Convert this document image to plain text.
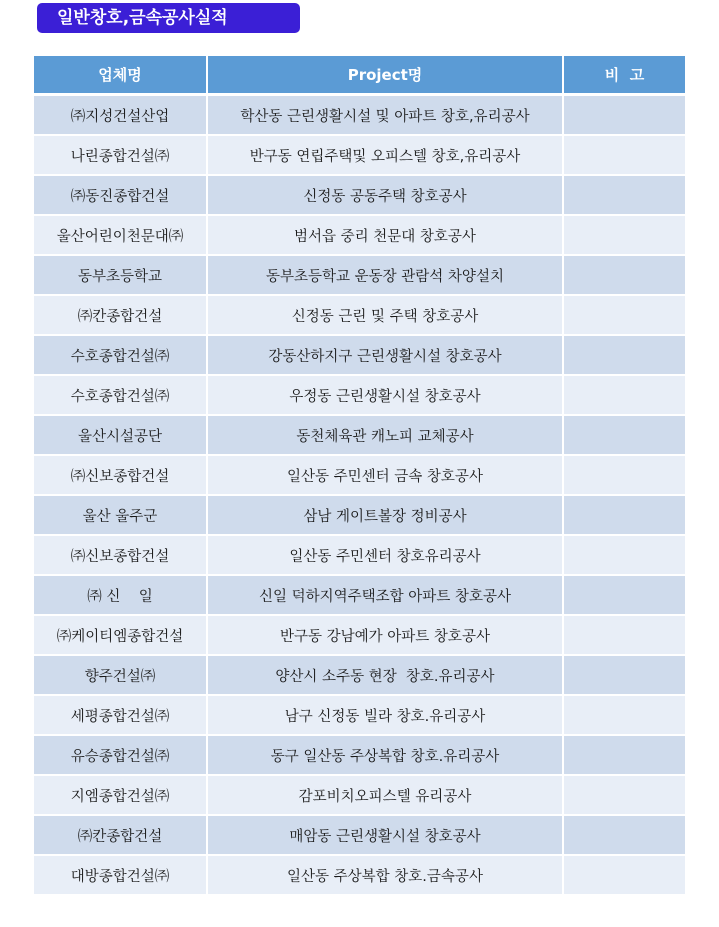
일반창호,금속공사실적
업체명	Project명	비  고
㈜지성건설산업	학산동 근린생활시설 및 아파트 창호,유리공사	
나린종합건설㈜	반구동 연립주택및 오피스텔 창호,유리공사	
㈜동진종합건설	신정동 공동주택 창호공사	
울산어린이천문대㈜	범서읍 중리 천문대 창호공사	
동부초등학교	동부초등학교 운동장 관람석 차양설치	
㈜칸종합건설	신정동 근린 및 주택 창호공사	
수호종합건설㈜	강동산하지구 근린생활시설 창호공사	
수호종합건설㈜	우정동 근린생활시설 창호공사	
울산시설공단	동천체육관 캐노피 교체공사	
㈜신보종합건설	일산동 주민센터 금속 창호공사	
울산 울주군	삼남 게이트볼장 정비공사	
㈜신보종합건설	일산동 주민센터 창호유리공사	
㈜ 신    일	신일 덕하지역주택조합 아파트 창호공사	
㈜케이티엠종합건설	반구동 강남예가 아파트 창호공사	
향주건설㈜	양산시 소주동 현장  창호.유리공사	
세평종합건설㈜	남구 신정동 빌라 창호.유리공사	
유승종합건설㈜	동구 일산동 주상복합 창호.유리공사	
지엠종합건설㈜	감포비치오피스텔 유리공사	
㈜칸종합건설	매암동 근린생활시설 창호공사	
대방종합건설㈜	일산동 주상복합 창호.금속공사	
